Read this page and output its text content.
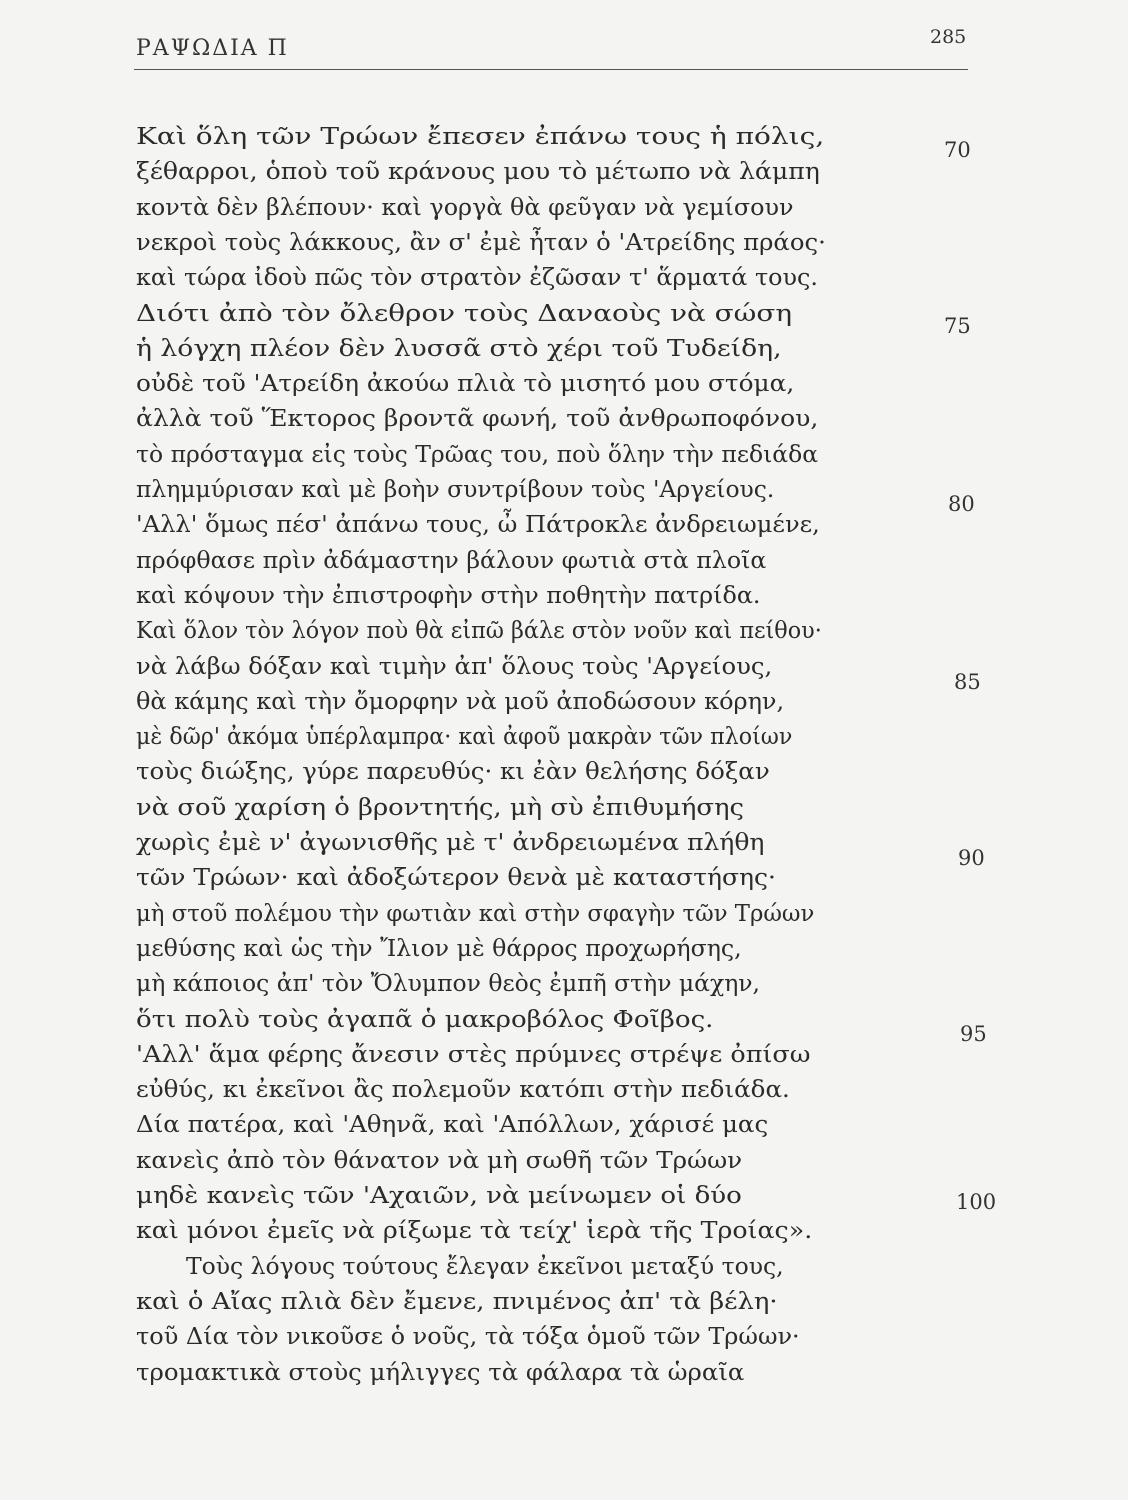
ΡΑΨΩΔΙΑ Π	285
Καὶ ὅλη τῶν Τρώων ἔπεσεν ἐπάνω τους ἡ πόλις,
ξέθαρροι, ὁποὺ τοῦ κράνους μου τὸ μέτωπο νὰ λάμπη
κοντὰ δὲν βλέπουν· καὶ γοργὰ θὰ φεῦγαν νὰ γεμίσουν
νεκροὶ τοὺς λάκκους, ἂν σ' ἐμὲ ἦταν ὁ 'Ατρείδης πράος·
καὶ τώρα ἰδοὺ πῶς τὸν στρατὸν ἐζῶσαν τ' ἅρματά τους.
Διότι ἀπὸ τὸν ὄλεθρον τοὺς Δαναοὺς νὰ σώση
ἡ λόγχη πλέον δὲν λυσσᾶ στὸ χέρι τοῦ Τυδείδη,
οὐδὲ τοῦ 'Ατρείδη ἀκούω πλιὰ τὸ μισητό μου στόμα,
ἀλλὰ τοῦ Ἕκτορος βροντᾶ φωνή, τοῦ ἀνθρωποφόνου,
τὸ πρόσταγμα εἰς τοὺς Τρῶας του, ποὺ ὅλην τὴν πεδιάδα
πλημμύρισαν καὶ μὲ βοὴν συντρίβουν τοὺς 'Αργείους.
'Αλλ' ὅμως πέσ' ἀπάνω τους, ὦ Πάτροκλε ἀνδρειωμένε,
πρόφθασε πρὶν ἀδάμαστην βάλουν φωτιὰ στὰ πλοῖα
καὶ κόψουν τὴν ἐπιστροφὴν στὴν ποθητὴν πατρίδα.
Καὶ ὅλον τὸν λόγον ποὺ θὰ εἰπῶ βάλε στὸν νοῦν καὶ πείθου·
νὰ λάβω δόξαν καὶ τιμὴν ἀπ' ὅλους τοὺς 'Αργείους,
θὰ κάμης καὶ τὴν ὄμορφην νὰ μοῦ ἀποδώσουν κόρην,
μὲ δῶρ' ἀκόμα ὑπέρλαμπρα· καὶ ἀφοῦ μακρὰν τῶν πλοίων
τοὺς διώξης, γύρε παρευθύς· κι ἐὰν θελήσης δόξαν
νὰ σοῦ χαρίση ὁ βροντητής, μὴ σὺ ἐπιθυμήσης
χωρὶς ἐμὲ ν' ἀγωνισθῆς μὲ τ' ἀνδρειωμένα πλήθη
τῶν Τρώων· καὶ ἀδοξώτερον θενὰ μὲ καταστήσης·
μὴ στοῦ πολέμου τὴν φωτιὰν καὶ στὴν σφαγὴν τῶν Τρώων
μεθύσης καὶ ὡς τὴν Ἴλιον μὲ θάρρος προχωρήσης,
μὴ κάποιος ἀπ' τὸν Ὄλυμπον θεὸς ἐμπῆ στὴν μάχην,
ὅτι πολὺ τοὺς ἀγαπᾶ ὁ μακροβόλος Φοῖβος.
'Αλλ' ἅμα φέρης ἄνεσιν στὲς πρύμνες στρέψε ὀπίσω
εὐθύς, κι ἐκεῖνοι ἂς πολεμοῦν κατόπι στὴν πεδιάδα.
Δία πατέρα, καὶ 'Αθηνᾶ, καὶ 'Απόλλων, χάρισέ μας
κανεὶς ἀπὸ τὸν θάνατον νὰ μὴ σωθῆ τῶν Τρώων
μηδὲ κανεὶς τῶν 'Αχαιῶν, νὰ μείνωμεν οἱ δύο
καὶ μόνοι ἐμεῖς νὰ ρίξωμε τὰ τείχ' ἱερὰ τῆς Τροίας».
Τοὺς λόγους τούτους ἔλεγαν ἐκεῖνοι μεταξύ τους,
καὶ ὁ Αἴας πλιὰ δὲν ἔμενε, πνιμένος ἀπ' τὰ βέλη·
τοῦ Δία τὸν νικοῦσε ὁ νοῦς, τὰ τόξα ὁμοῦ τῶν Τρώων·
τρομακτικὰ στοὺς μήλιγγες τὰ φάλαρα τὰ ὡραῖα
70
75
80
85
90
95
100
